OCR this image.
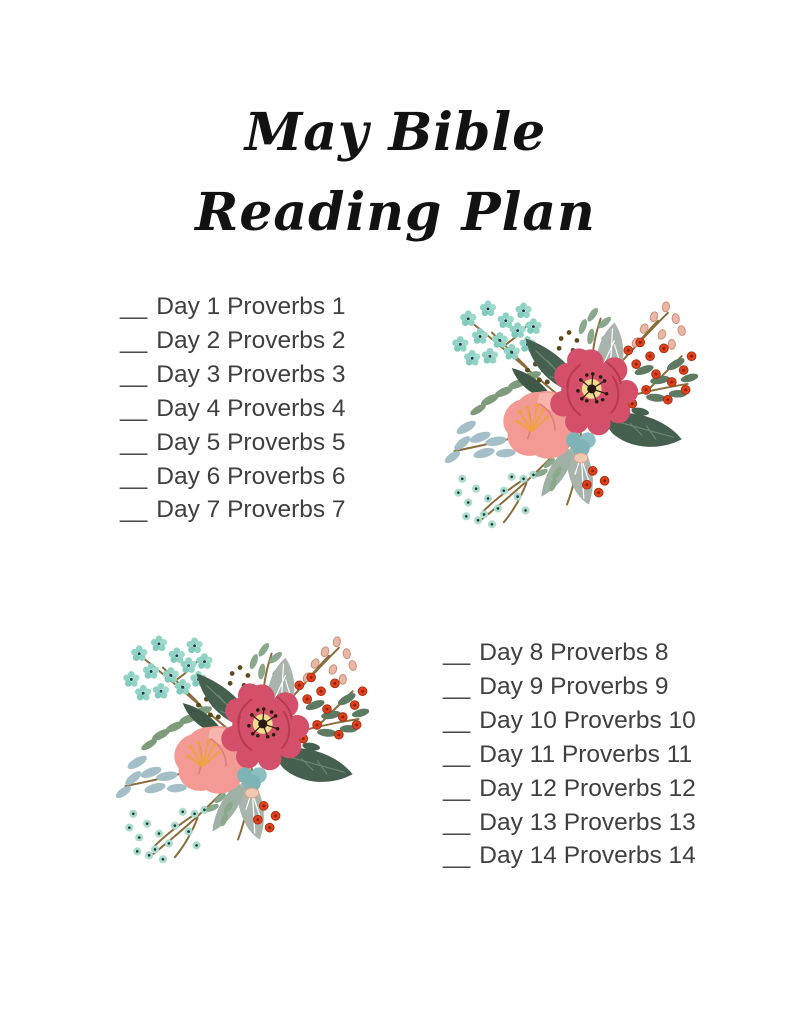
May Bible
Reading Plan
__ Day 1 Proverbs 1
__ Day 2 Proverbs 2
__ Day 3 Proverbs 3
__ Day 4 Proverbs 4
__ Day 5 Proverbs 5
__ Day 6 Proverbs 6
__ Day 7 Proverbs 7
__ Day 8 Proverbs 8
__ Day 9 Proverbs 9
__ Day 10 Proverbs 10
__ Day 11 Proverbs 11
__ Day 12 Proverbs 12
__ Day 13 Proverbs 13
__ Day 14 Proverbs 14
